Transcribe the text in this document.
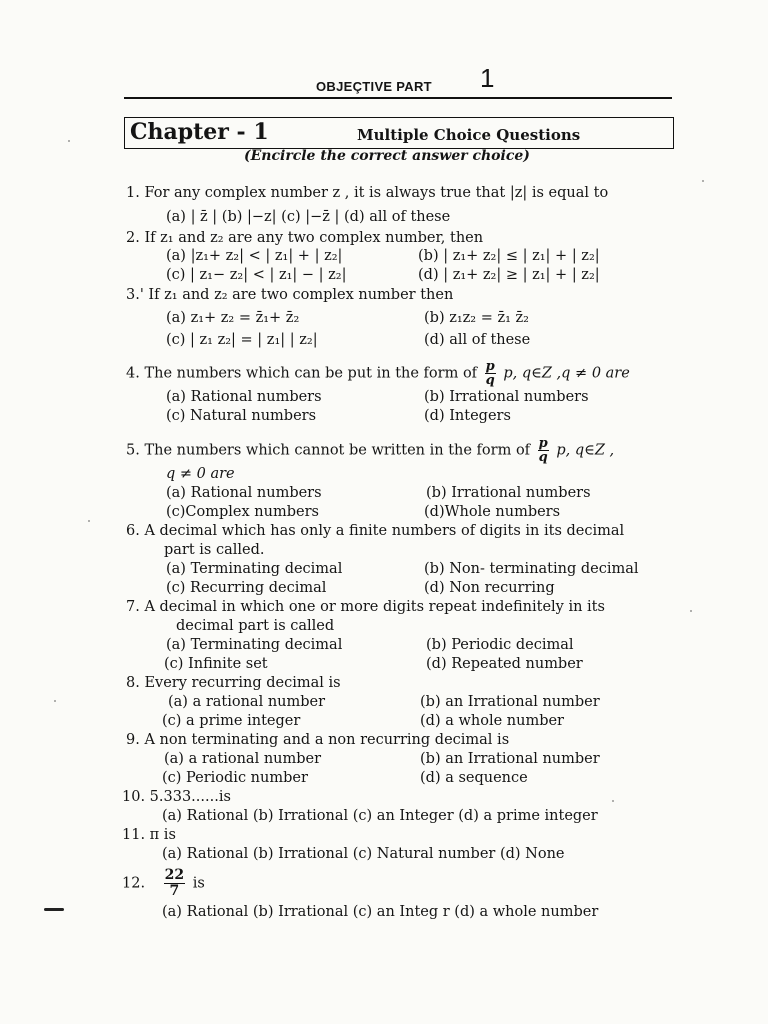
OBJEÇTIVE PART 1
Chapter - 1	Multiple Choice Questions
(Encircle the correct answer choice)
1. For any complex number z , it is always true that |z| is equal to
(a) | z̄ | (b) |−z| (c) |−z̄ | (d) all of these
2. If z₁ and z₂ are any two complex number, then
(a) |z₁+ z₂| < | z₁| + | z₂|	(b) | z₁+ z₂| ≤ | z₁| + | z₂|
(c) | z₁− z₂| < | z₁| − | z₂|	(d) | z₁+ z₂| ≥ | z₁| + | z₂|
3.' If z₁ and z₂ are two complex number then
(a) z₁+ z₂ = z̄₁+ z̄₂	(b) z₁z₂ = z̄₁ z̄₂
(c) | z₁ z₂| = | z₁| | z₂|	(d) all of these
4. The numbers which can be put in the form of $\frac{p}{q} p$, q∈Z ,q ≠ 0 are
(a) Rational numbers	(b) Irrational numbers
(c) Natural numbers	(d) Integers
5. The numbers which cannot be written in the form of $\frac{p}{q} p$, q∈Z ,
q ≠ 0 are
(a) Rational numbers	(b) Irrational numbers
(c)Complex numbers	(d)Whole numbers
6. A decimal which has only a finite numbers of digits in its decimal
part is called.
(a) Terminating decimal	(b) Non- terminating decimal
(c) Recurring decimal	(d) Non recurring
7. A decimal in which one or more digits repeat indefinitely in its
decimal part is called
(a) Terminating decimal	(b) Periodic decimal
(c) Infinite set	(d) Repeated number
8. Every recurring decimal is
(a) a rational number	(b) an Irrational number
(c) a prime integer	(d) a whole number
9. A non terminating and a non recurring decimal is
(a) a rational number	(b) an Irrational number
(c) Periodic number	(d) a sequence
10. 5.333......is
(a) Rational (b) Irrational (c) an Integer (d) a prime integer
11. π is
(a) Rational (b) Irrational (c) Natural number (d) None
12. $\frac{22}{7}$ is
(a) Rational (b) Irrational (c) an Integ r (d) a whole number
